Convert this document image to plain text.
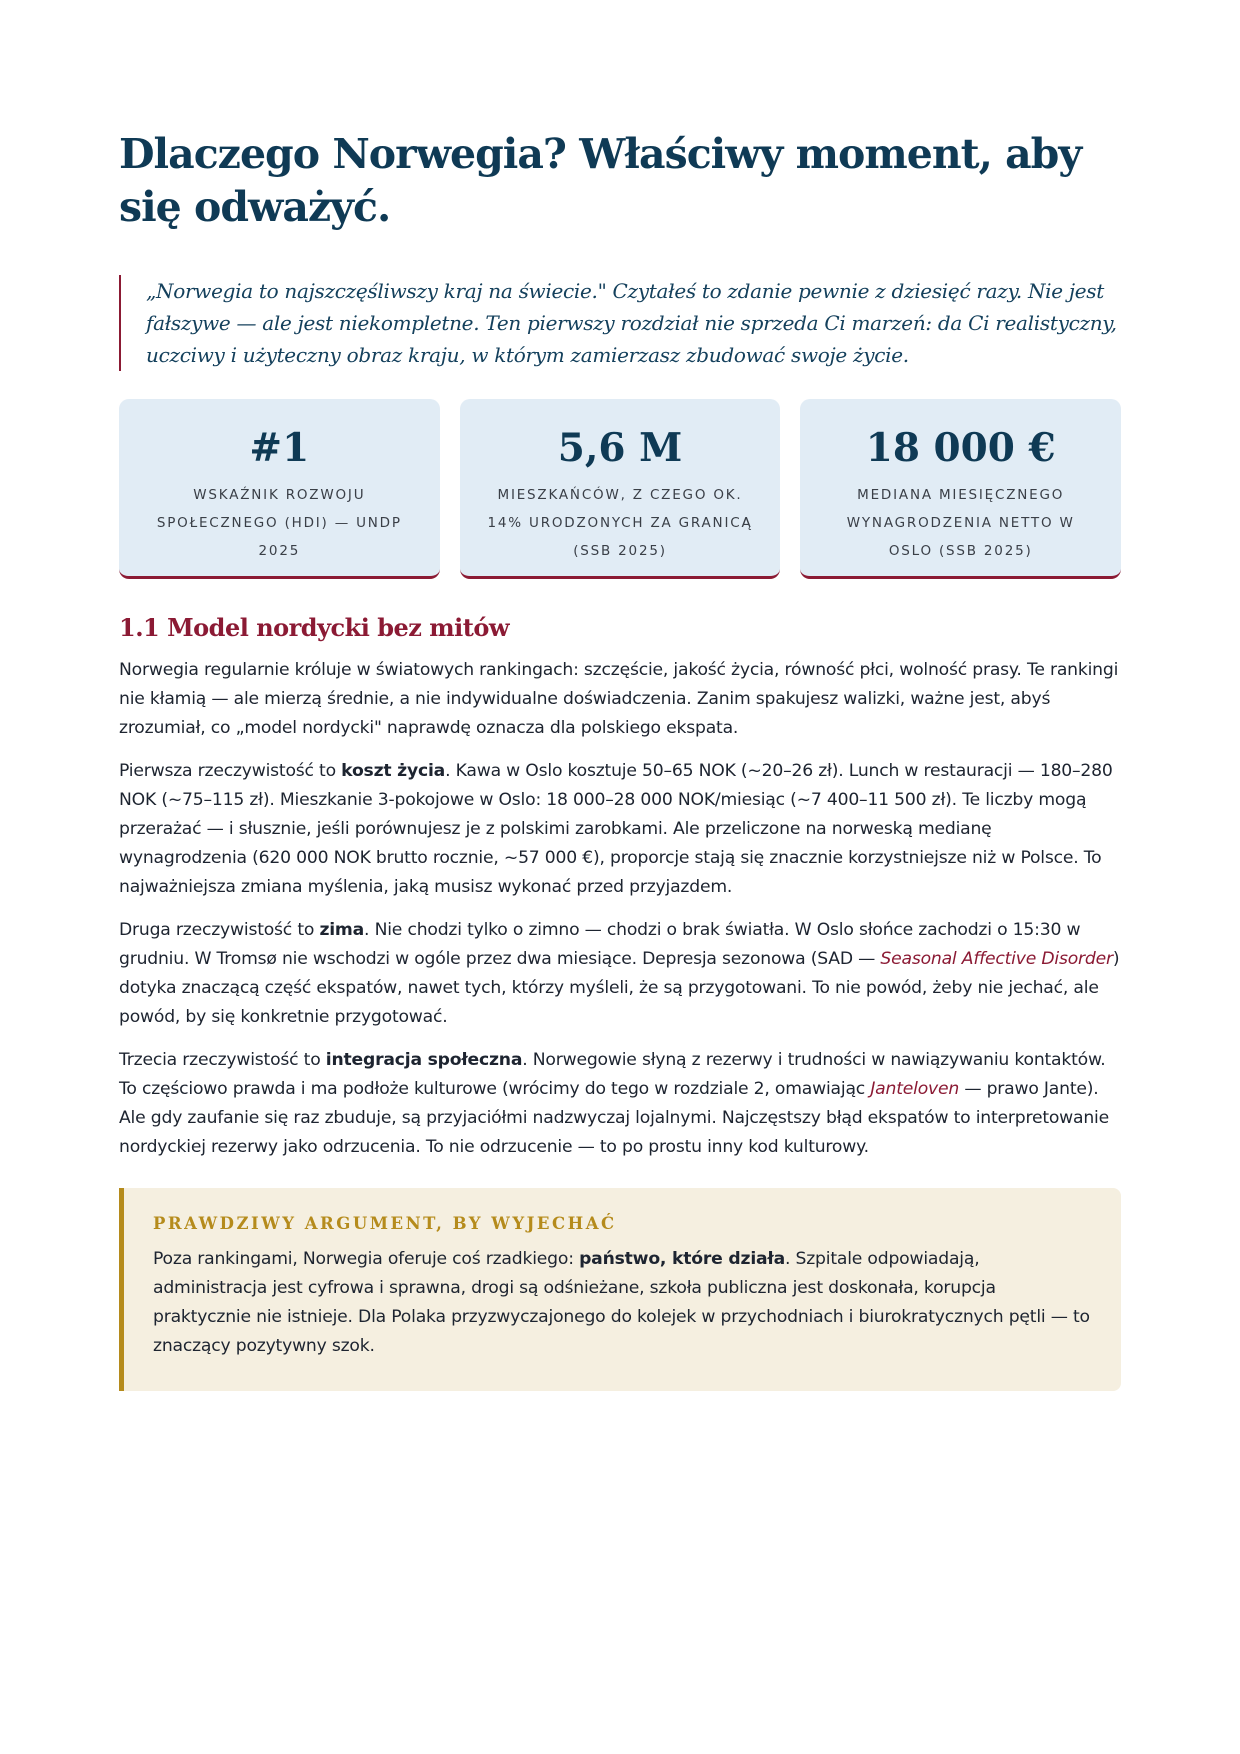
Dlaczego Norwegia? Właściwy moment, aby się odważyć.
„Norwegia to najszczęśliwszy kraj na świecie." Czytałeś to zdanie pewnie z dziesięć razy. Nie jest fałszywe — ale jest niekompletne. Ten pierwszy rozdział nie sprzeda Ci marzeń: da Ci realistyczny, uczciwy i użyteczny obraz kraju, w którym zamierzasz zbudować swoje życie.
#1
WSKAŹNIK ROZWOJU SPOŁECZNEGO (HDI) — UNDP 2025
5,6 M
MIESZKAŃCÓW, Z CZEGO OK. 14% URODZONYCH ZA GRANICĄ (SSB 2025)
18 000 €
MEDIANA MIESIĘCZNEGO WYNAGRODZENIA NETTO W OSLO (SSB 2025)
1.1 Model nordycki bez mitów

Norwegia regularnie króluje w światowych rankingach: szczęście, jakość życia, równość płci, wolność prasy. Te rankingi nie kłamią — ale mierzą średnie, a nie indywidualne doświadczenia. Zanim spakujesz walizki, ważne jest, abyś zrozumiał, co „model nordycki" naprawdę oznacza dla polskiego ekspata.

Pierwsza rzeczywistość to koszt życia. Kawa w Oslo kosztuje 50–65 NOK (~20–26 zł). Lunch w restauracji — 180–280 NOK (~75–115 zł). Mieszkanie 3-pokojowe w Oslo: 18 000–28 000 NOK/miesiąc (~7 400–11 500 zł). Te liczby mogą przerażać — i słusznie, jeśli porównujesz je z polskimi zarobkami. Ale przeliczone na norweską medianę wynagrodzenia (620 000 NOK brutto rocznie, ~57 000 €), proporcje stają się znacznie korzystniejsze niż w Polsce. To najważniejsza zmiana myślenia, jaką musisz wykonać przed przyjazdem.

Druga rzeczywistość to zima. Nie chodzi tylko o zimno — chodzi o brak światła. W Oslo słońce zachodzi o 15:30 w grudniu. W Tromsø nie wschodzi w ogóle przez dwa miesiące. Depresja sezonowa (SAD — Seasonal Affective Disorder) dotyka znaczącą część ekspatów, nawet tych, którzy myśleli, że są przygotowani. To nie powód, żeby nie jechać, ale powód, by się konkretnie przygotować.

Trzecia rzeczywistość to integracja społeczna. Norwegowie słyną z rezerwy i trudności w nawiązywaniu kontaktów. To częściowo prawda i ma podłoże kulturowe (wrócimy do tego w rozdziale 2, omawiając Janteloven — prawo Jante). Ale gdy zaufanie się raz zbuduje, są przyjaciółmi nadzwyczaj lojalnymi. Najczęstszy błąd ekspatów to interpretowanie nordyckiej rezerwy jako odrzucenia. To nie odrzucenie — to po prostu inny kod kulturowy.

PRAWDZIWY ARGUMENT, BY WYJECHAĆ
Poza rankingami, Norwegia oferuje coś rzadkiego: państwo, które działa. Szpitale odpowiadają, administracja jest cyfrowa i sprawna, drogi są odśnieżane, szkoła publiczna jest doskonała, korupcja praktycznie nie istnieje. Dla Polaka przyzwyczajonego do kolejek w przychodniach i biurokratycznych pętli — to znaczący pozytywny szok.
